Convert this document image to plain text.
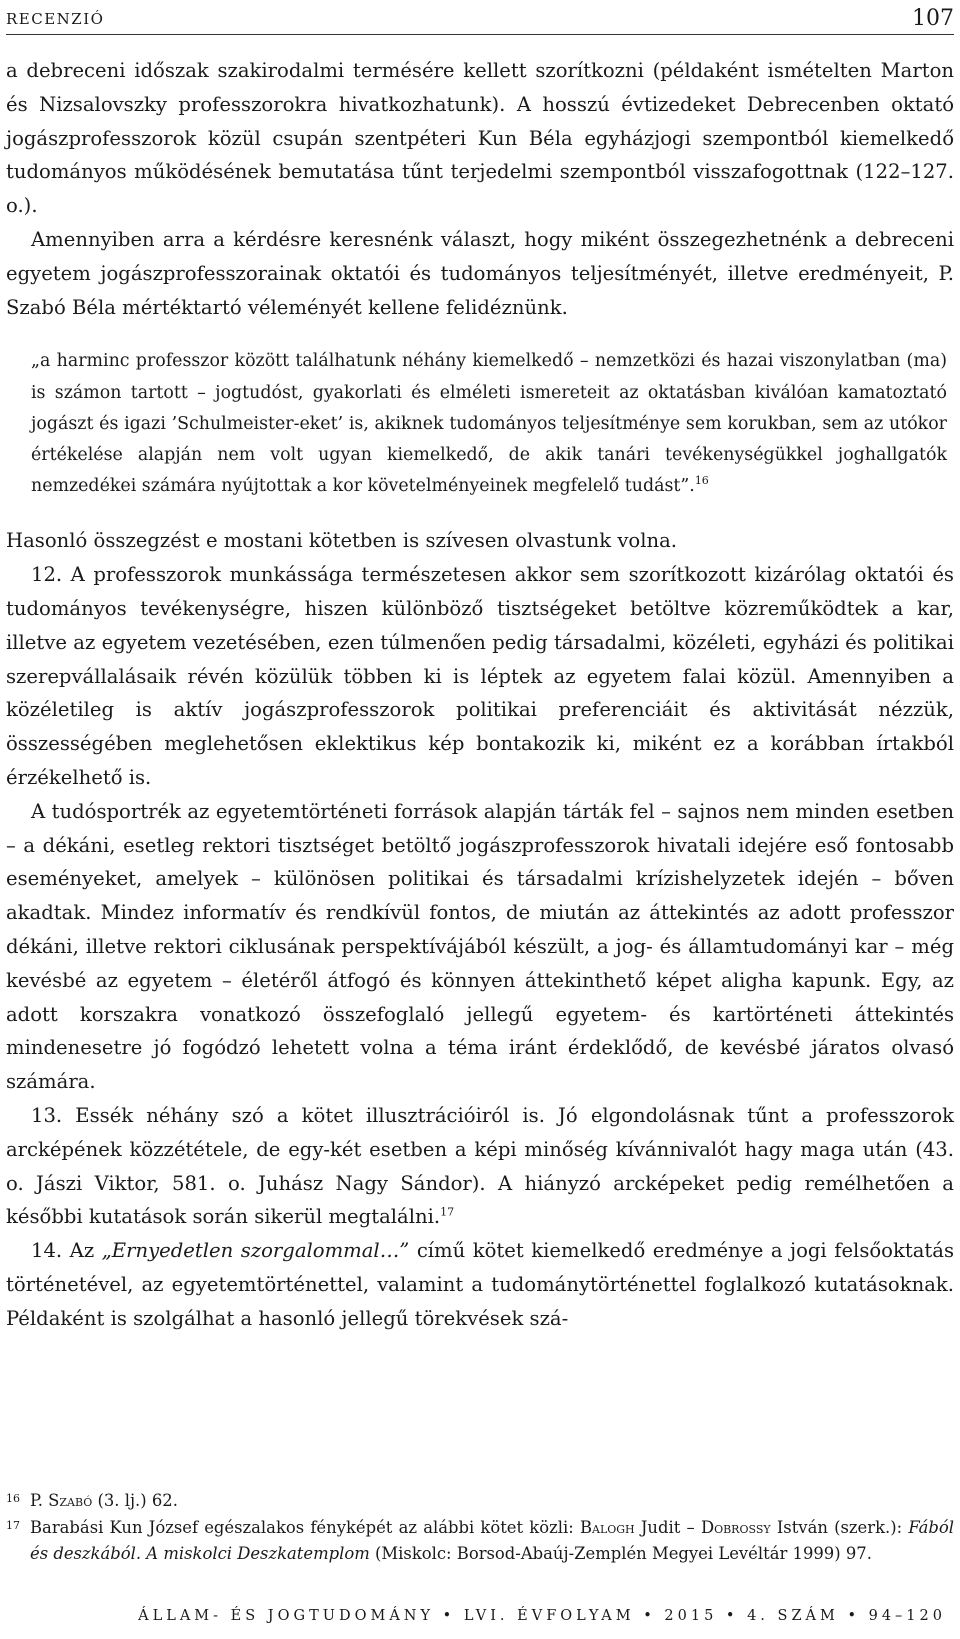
RECENZIÓ	107

a debreceni időszak szakirodalmi termésére kellett szorítkozni (példaként ismételten Marton és Nizsalovszky professzorokra hivatkozhatunk). A hosszú évtizedeket Debrecenben oktató jogászprofesszorok közül csupán szentpéteri Kun Béla egyházjogi szempontból kiemelkedő tudományos működésének bemutatása tűnt terjedelmi szempontból visszafogottnak (122–127. o.).

Amennyiben arra a kérdésre keresnénk választ, hogy miként összegezhetnénk a debreceni egyetem jogászprofesszorainak oktatói és tudományos teljesítményét, illetve eredményeit, P. Szabó Béla mértéktartó véleményét kellene felidéznünk.

„a harminc professzor között találhatunk néhány kiemelkedő – nemzetközi és hazai viszonylatban (ma) is számon tartott – jogtudóst, gyakorlati és elméleti ismereteit az oktatásban kiválóan kamatoztató jogászt és igazi ’Schulmeister-eket’ is, akiknek tudományos teljesítménye sem korukban, sem az utókor értékelése alapján nem volt ugyan kiemelkedő, de akik tanári tevékenységükkel joghallgatók nemzedékei számára nyújtottak a kor követelményeinek megfelelő tudást”.$^{16}$

Hasonló összegzést e mostani kötetben is szívesen olvastunk volna.

12. A professzorok munkássága természetesen akkor sem szorítkozott kizárólag oktatói és tudományos tevékenységre, hiszen különböző tisztségeket betöltve közreműködtek a kar, illetve az egyetem vezetésében, ezen túlmenően pedig társadalmi, közéleti, egyházi és politikai szerepvállalásaik révén közülük többen ki is léptek az egyetem falai közül. Amennyiben a közéletileg is aktív jogászprofesszorok politikai preferenciáit és aktivitását nézzük, összességében meglehetősen eklektikus kép bontakozik ki, miként ez a korábban írtakból érzékelhető is.

A tudósportrék az egyetemtörténeti források alapján tárták fel – sajnos nem minden esetben – a dékáni, esetleg rektori tisztséget betöltő jogászprofesszorok hivatali idejére eső fontosabb eseményeket, amelyek – különösen politikai és társadalmi krízishelyzetek idején – bőven akadtak. Mindez informatív és rendkívül fontos, de miután az áttekintés az adott professzor dékáni, illetve rektori ciklusának perspektívájából készült, a jog- és államtudományi kar – még kevésbé az egyetem – életéről átfogó és könnyen áttekinthető képet aligha kapunk. Egy, az adott korszakra vonatkozó összefoglaló jellegű egyetem- és kartörténeti áttekintés mindenesetre jó fogódzó lehetett volna a téma iránt érdeklődő, de kevésbé járatos olvasó számára.

13. Essék néhány szó a kötet illusztrációiról is. Jó elgondolásnak tűnt a professzorok arcképének közzététele, de egy-két esetben a képi minőség kívánnivalót hagy maga után (43. o. Jászi Viktor, 581. o. Juhász Nagy Sándor). A hiányzó arcképeket pedig remélhetően a későbbi kutatások során sikerül megtalálni.$^{17}$

14. Az „Ernyedetlen szorgalommal…” című kötet kiemelkedő eredménye a jogi felsőoktatás történetével, az egyetemtörténettel, valamint a tudománytörténettel foglalkozó kutatásoknak. Példaként is szolgálhat a hasonló jellegű törekvések szá-

16 P. Szabó (3. lj.) 62.
17 Barabási Kun József egészalakos fényképét az alábbi kötet közli: Balogh Judit – Dobrossy István (szerk.): Fából és deszkából. A miskolci Deszkatemplom (Miskolc: Borsod-Abaúj-Zemplén Megyei Levéltár 1999) 97.
ÁLLAM- ÉS JOGTUDOMÁNY • LVI. ÉVFOLYAM • 2015 • 4. SZÁM • 94–120
